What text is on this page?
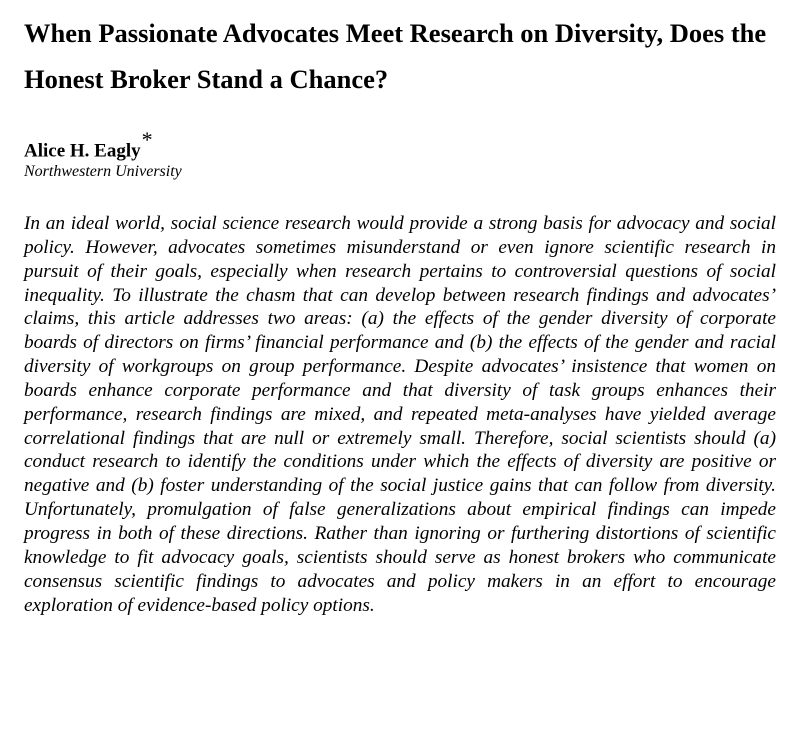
When Passionate Advocates Meet Research on Diversity, Does the Honest Broker Stand a Chance?

Alice H. Eagly*

Northwestern University

In an ideal world, social science research would provide a strong basis for advocacy and social policy. However, advocates sometimes misunderstand or even ignore scientific research in pursuit of their goals, especially when research pertains to controversial questions of social inequality. To illustrate the chasm that can develop between research findings and advocates’ claims, this article addresses two areas: (a) the effects of the gender diversity of corporate boards of directors on firms’ financial performance and (b) the effects of the gender and racial diversity of workgroups on group performance. Despite advocates’ insistence that women on boards enhance corporate performance and that diversity of task groups enhances their performance, research findings are mixed, and repeated meta-analyses have yielded average correlational findings that are null or extremely small. Therefore, social scientists should (a) conduct research to identify the conditions under which the effects of diversity are positive or negative and (b) foster understanding of the social justice gains that can follow from diversity. Unfortunately, promulgation of false generalizations about empirical findings can impede progress in both of these directions. Rather than ignoring or furthering distortions of scientific knowledge to fit advocacy goals, scientists should serve as honest brokers who communicate consensus scientific findings to advocates and policy makers in an effort to encourage exploration of evidence-based policy options.
